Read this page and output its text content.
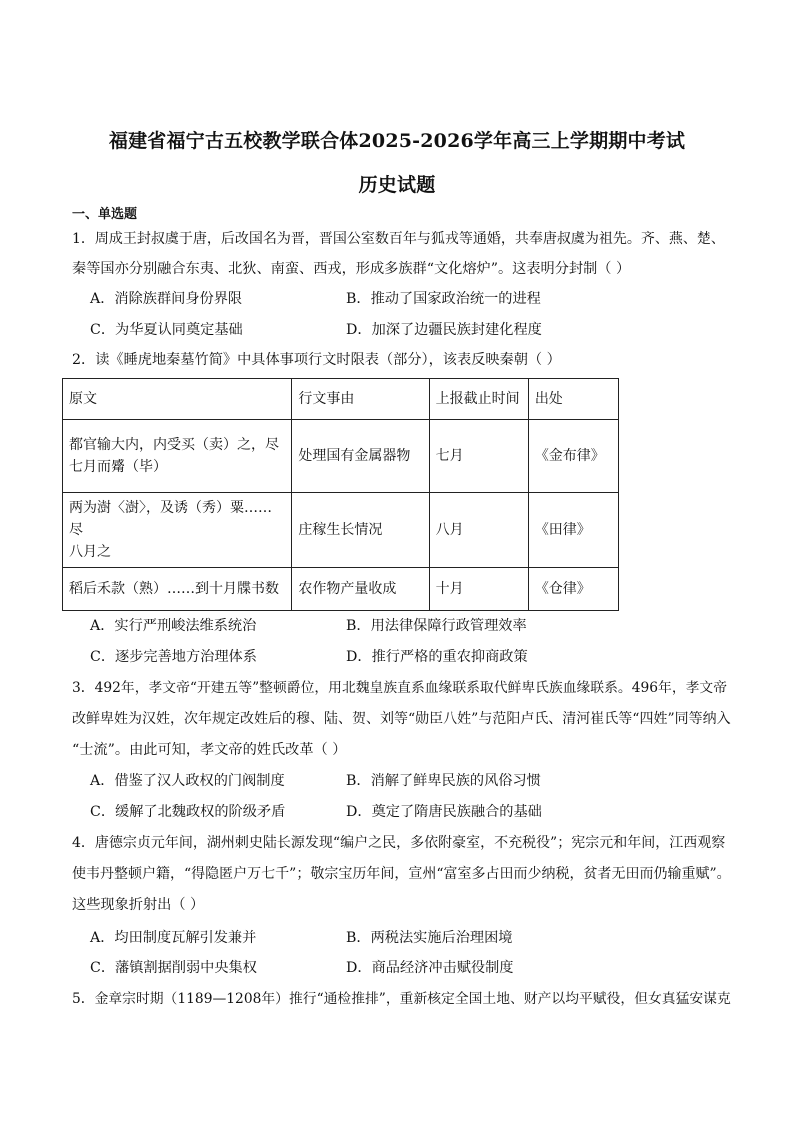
福建省福宁古五校教学联合体2025-2026学年高三上学期期中考试
历史试题
一、单选题
1．周成王封叔虞于唐，后改国名为晋，晋国公室数百年与狐戎等通婚，共奉唐叔虞为祖先。齐、燕、楚、
秦等国亦分别融合东夷、北狄、南蛮、西戎，形成多族群“文化熔炉”。这表明分封制（ ）
A．消除族群间身份界限	B．推动了国家政治统一的进程
C．为华夏认同奠定基础	D．加深了边疆民族封建化程度
2．读《睡虎地秦墓竹简》中具体事项行文时限表（部分），该表反映秦朝（ ）
原文	行文事由	上报截止时间	出处

都官输大内，内受买（卖）之，尽
七月而觱（毕）	处理国有金属器物	七月	《金布律》

两为澍〈澍〉，及诱（秀）粟……尽
八月之	庄稼生长情况	八月	《田律》
稻后禾款（熟）……到十月牒书数	农作物产量收成	十月	《仓律》
A．实行严刑峻法维系统治	B．用法律保障行政管理效率
C．逐步完善地方治理体系	D．推行严格的重农抑商政策
3．492年，孝文帝“开建五等”整顿爵位，用北魏皇族直系血缘联系取代鲜卑氏族血缘联系。496年，孝文帝
改鲜卑姓为汉姓，次年规定改姓后的穆、陆、贺、刘等“勋臣八姓”与范阳卢氏、清河崔氏等“四姓”同等纳入
“士流”。由此可知，孝文帝的姓氏改革（ ）
A．借鉴了汉人政权的门阀制度	B．消解了鲜卑民族的风俗习惯
C．缓解了北魏政权的阶级矛盾	D．奠定了隋唐民族融合的基础
4．唐德宗贞元年间，湖州刺史陆长源发现“编户之民，多依附豪室，不充税役”；宪宗元和年间，江西观察
使韦丹整顿户籍，“得隐匿户万七千”；敬宗宝历年间，宣州“富室多占田而少纳税，贫者无田而仍输重赋”。
这些现象折射出（ ）
A．均田制度瓦解引发兼并	B．两税法实施后治理困境
C．藩镇割据削弱中央集权	D．商品经济冲击赋役制度
5．金章宗时期（1189—1208年）推行“通检推排”，重新核定全国土地、财产以均平赋役，但女真猛安谋克
